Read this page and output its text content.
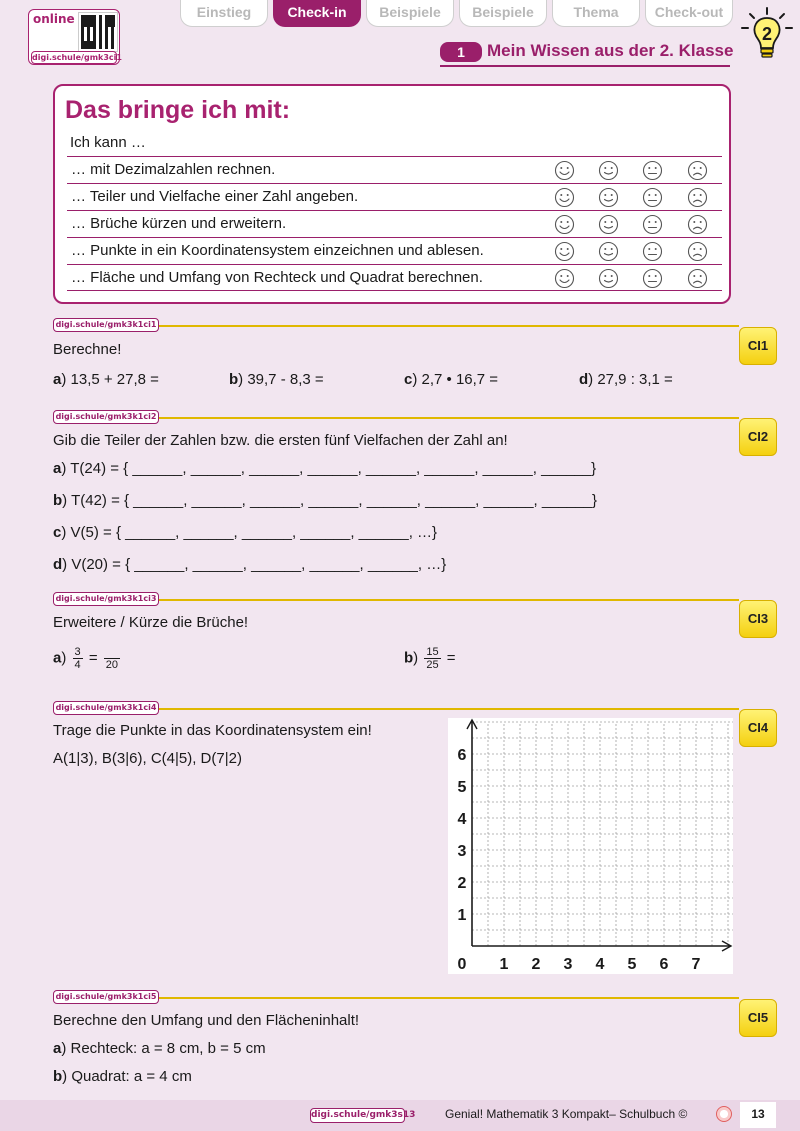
online
digi.schule/gmk3ci1
Einstieg	Check-in	Beispiele	Beispiele	Thema	Check-out
2
1	Mein Wissen aus der 2. Klasse
Das bringe ich mit:
Ich kann …
… mit Dezimalzahlen rechnen.
… Teiler und Vielfache einer Zahl angeben.
… Brüche kürzen und erweitern.
… Punkte in ein Koordinatensystem einzeichnen und ablesen.
… Fläche und Umfang von Rechteck und Quadrat berechnen.
digi.schule/gmk3k1ci1
CI1
Berechne!
a) 13,5 + 27,8 =	b) 39,7 - 8,3 =	c) 2,7 • 16,7 =	d) 27,9 : 3,1 =
digi.schule/gmk3k1ci2
CI2
Gib die Teiler der Zahlen bzw. die ersten fünf Vielfachen der Zahl an!
a) T(24) = { ______, ______, ______, ______, ______, ______, ______, ______}
b) T(42) = { ______, ______, ______, ______, ______, ______, ______, ______}
c) V(5) = { ______, ______, ______, ______, ______, …}
d) V(20) = { ______, ______, ______, ______, ______, …}
digi.schule/gmk3k1ci3
CI3
Erweitere / Kürze die Brüche!
$a) \frac{3}{4}$ =
20	$b) \frac{15}{25}$ =
digi.schule/gmk3k1ci4
CI4
Trage die Punkte in das Koordinatensystem ein!
A(1|3), B(3|6), C(4|5), D(7|2)
0 1 2 3 4 5 6 7
1
2
3
4
5
6
digi.schule/gmk3k1ci5
CI5
Berechne den Umfang und den Flächeninhalt!
a) Rechteck: a = 8 cm, b = 5 cm
b) Quadrat: a = 4 cm
digi.schule/gmk3s13 Genial! Mathematik 3 Kompakt– Schulbuch ©	13
